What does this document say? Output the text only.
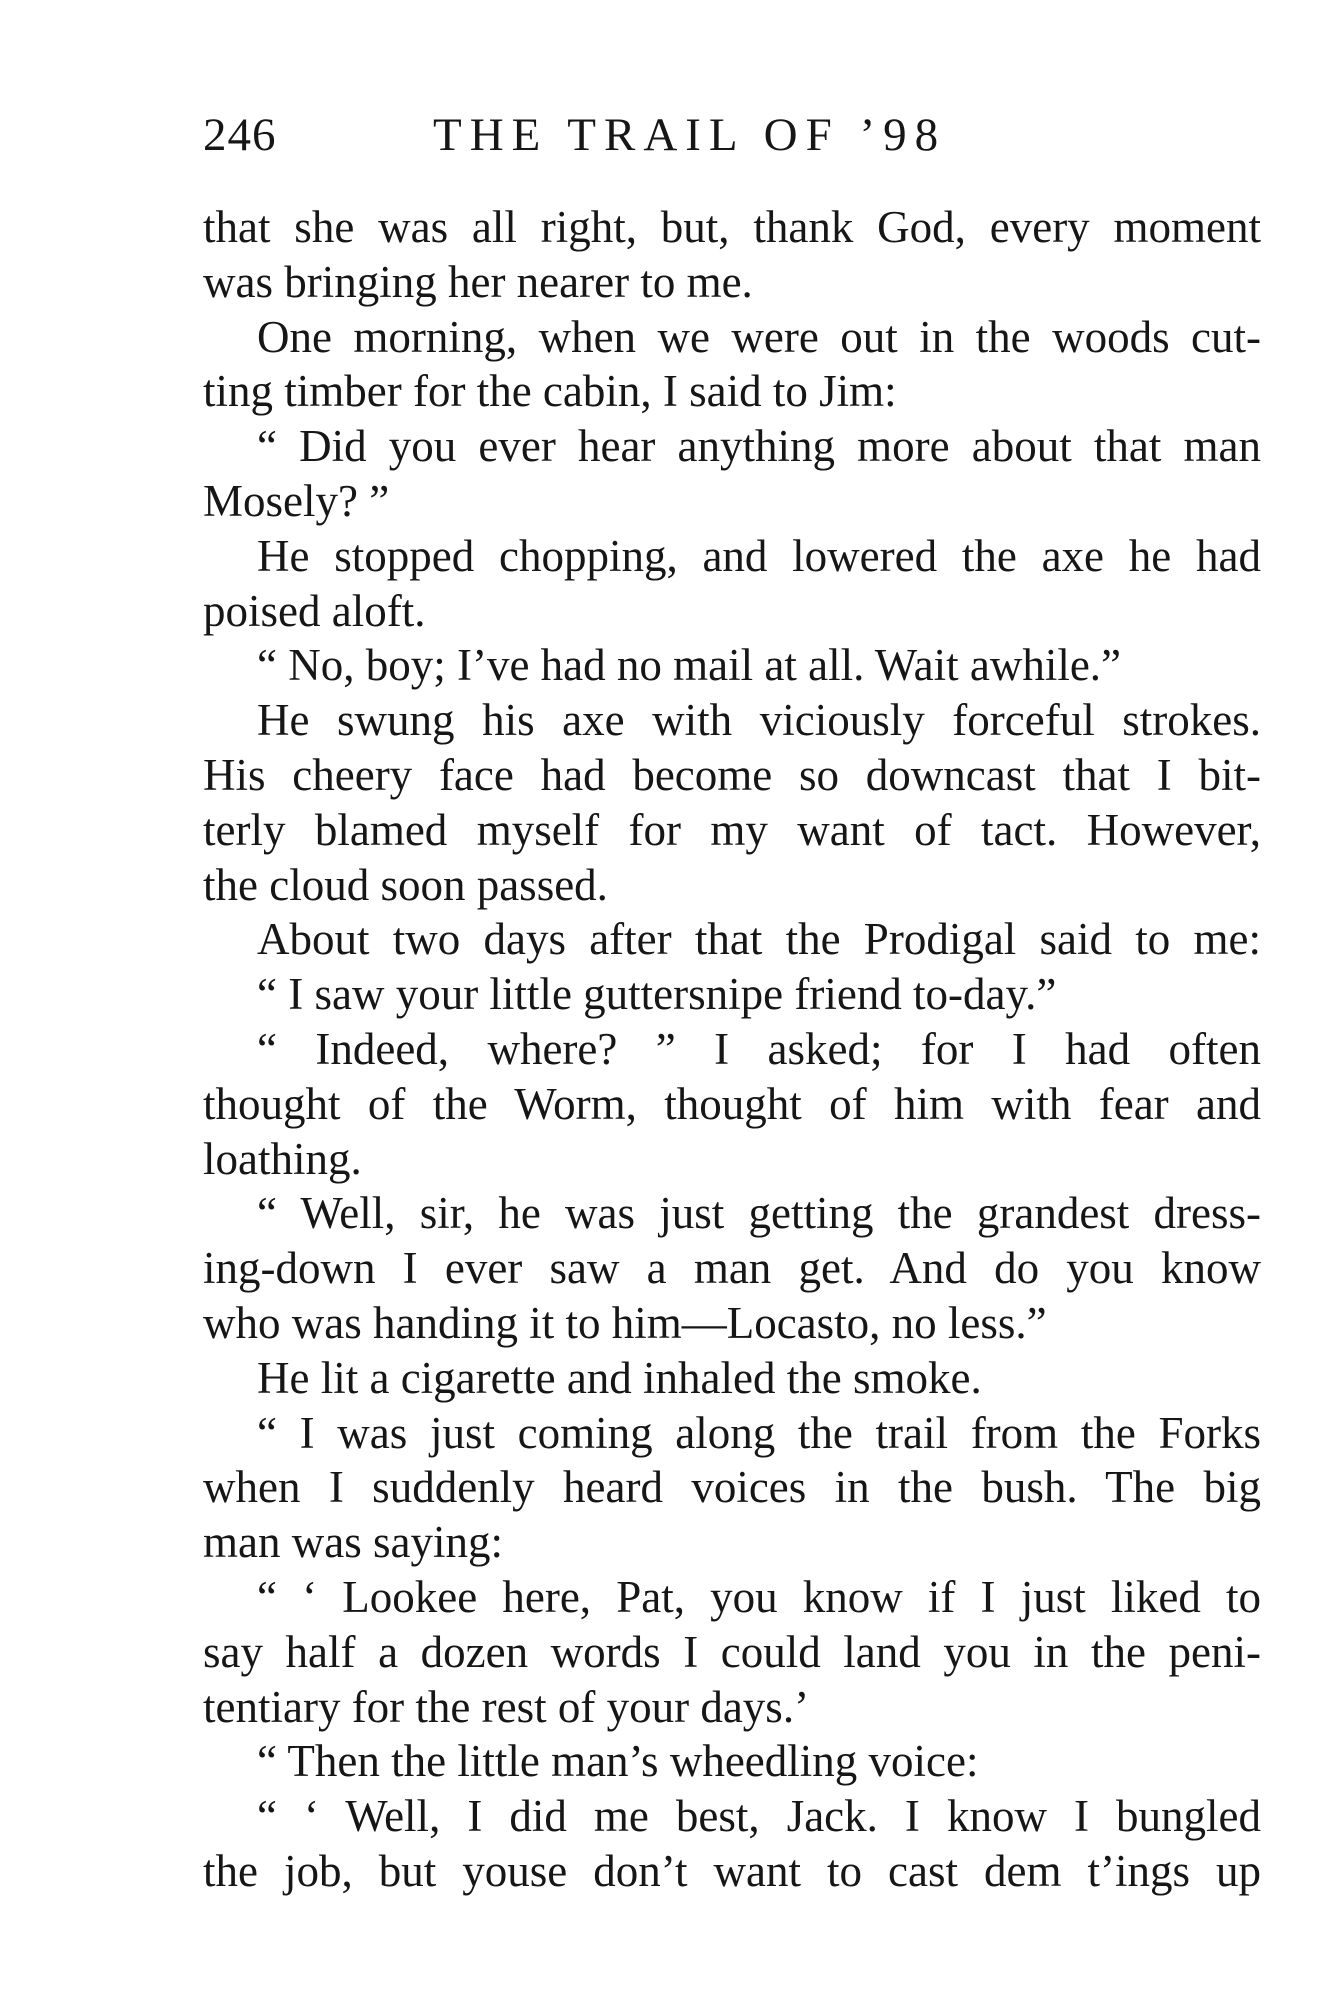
246	THE TRAIL OF ’98
that she was all right, but, thank God, every moment
was bringing her nearer to me.
One morning, when we were out in the woods cut-
ting timber for the cabin, I said to Jim:
“ Did you ever hear anything more about that man
Mosely? ”
He stopped chopping, and lowered the axe he had
poised aloft.
“ No, boy; I’ve had no mail at all. Wait awhile.”
He swung his axe with viciously forceful strokes.
His cheery face had become so downcast that I bit-
terly blamed myself for my want of tact. However,
the cloud soon passed.
About two days after that the Prodigal said to me:
“ I saw your little guttersnipe friend to-day.”
“ Indeed, where? ” I asked; for I had often
thought of the Worm, thought of him with fear and
loathing.
“ Well, sir, he was just getting the grandest dress-
ing-down I ever saw a man get. And do you know
who was handing it to him—Locasto, no less.”
He lit a cigarette and inhaled the smoke.
“ I was just coming along the trail from the Forks
when I suddenly heard voices in the bush. The big
man was saying:
“ ‘ Lookee here, Pat, you know if I just liked to
say half a dozen words I could land you in the peni-
tentiary for the rest of your days.’
“ Then the little man’s wheedling voice:
“ ‘ Well, I did me best, Jack. I know I bungled
the job, but youse don’t want to cast dem t’ings up
